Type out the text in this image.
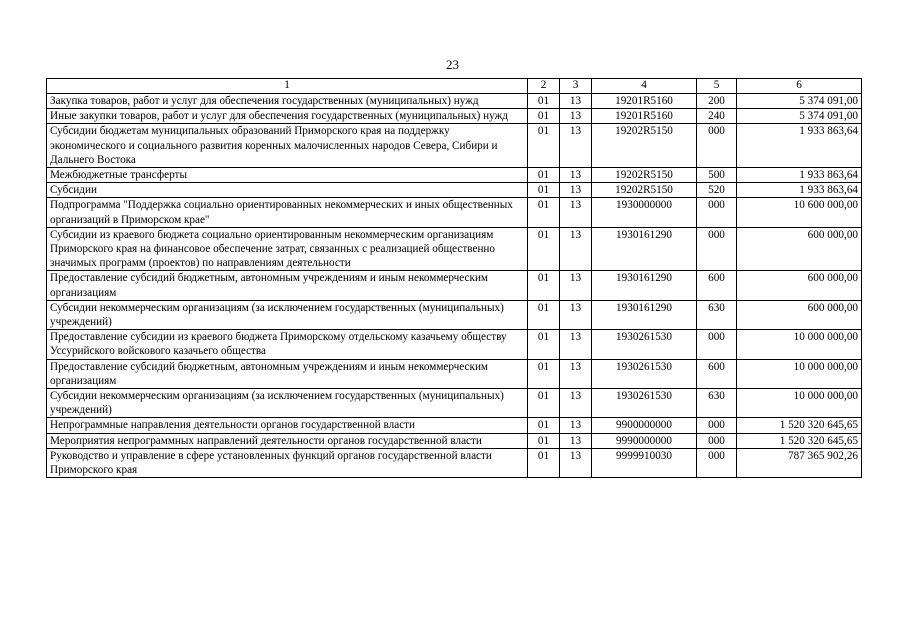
23
1	2	3	4	5	6
Закупка товаров, работ и услуг для обеспечения государственных (муниципальных) нужд	01	13	19201R5160	200	5 374 091,00
Иные закупки товаров, работ и услуг для обеспечения государственных (муниципальных) нужд	01	13	19201R5160	240	5 374 091,00
Субсидии бюджетам муниципальных образований Приморского края на поддержку экономического и социального развития коренных малочисленных народов Севера, Сибири и Дальнего Востока	01	13	19202R5150	000	1 933 863,64
Межбюджетные трансферты	01	13	19202R5150	500	1 933 863,64
Субсидии	01	13	19202R5150	520	1 933 863,64
Подпрограмма "Поддержка социально ориентированных некоммерческих и иных общественных организаций в Приморском крае"	01	13	1930000000	000	10 600 000,00
Субсидии из краевого бюджета социально ориентированным некоммерческим организациям Приморского края на финансовое обеспечение затрат, связанных с реализацией общественно значимых программ (проектов) по направлениям деятельности	01	13	1930161290	000	600 000,00
Предоставление субсидий бюджетным, автономным учреждениям и иным некоммерческим организациям	01	13	1930161290	600	600 000,00
Субсидии некоммерческим организациям (за исключением государственных (муниципальных) учреждений)	01	13	1930161290	630	600 000,00
Предоставление субсидии из краевого бюджета Приморскому отдельскому казачьему обществу Уссурийского войскового казачьего общества	01	13	1930261530	000	10 000 000,00
Предоставление субсидий бюджетным, автономным учреждениям и иным некоммерческим организациям	01	13	1930261530	600	10 000 000,00
Субсидии некоммерческим организациям (за исключением государственных (муниципальных) учреждений)	01	13	1930261530	630	10 000 000,00
Непрограммные направления деятельности органов государственной власти	01	13	9900000000	000	1 520 320 645,65
Мероприятия непрограммных направлений деятельности органов государственной власти	01	13	9990000000	000	1 520 320 645,65
Руководство и управление в сфере установленных функций органов государственной власти Приморского края	01	13	9999910030	000	787 365 902,26
